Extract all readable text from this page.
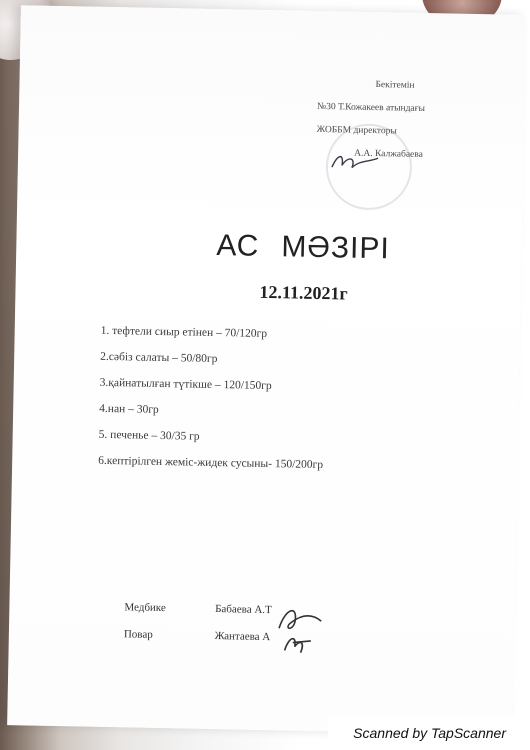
Бекітемін
№30 Т.Кожакеев атындағы
ЖОББМ директоры
А.А. Калжабаева
АС МӘЗІРІ
12.11.2021г
1. тефтели сиыр етінен – 70/120гр
2.сәбіз салаты – 50/80гр
3.қайнатылған түтікше – 120/150гр
4.нан – 30гр
5. печенье – 30/35 гр
6.кептірілген жеміс-жидек сусыны- 150/200гр
Медбике	Бабаева А.Т
Повар	Жантаева А
Scanned by TapScanner
